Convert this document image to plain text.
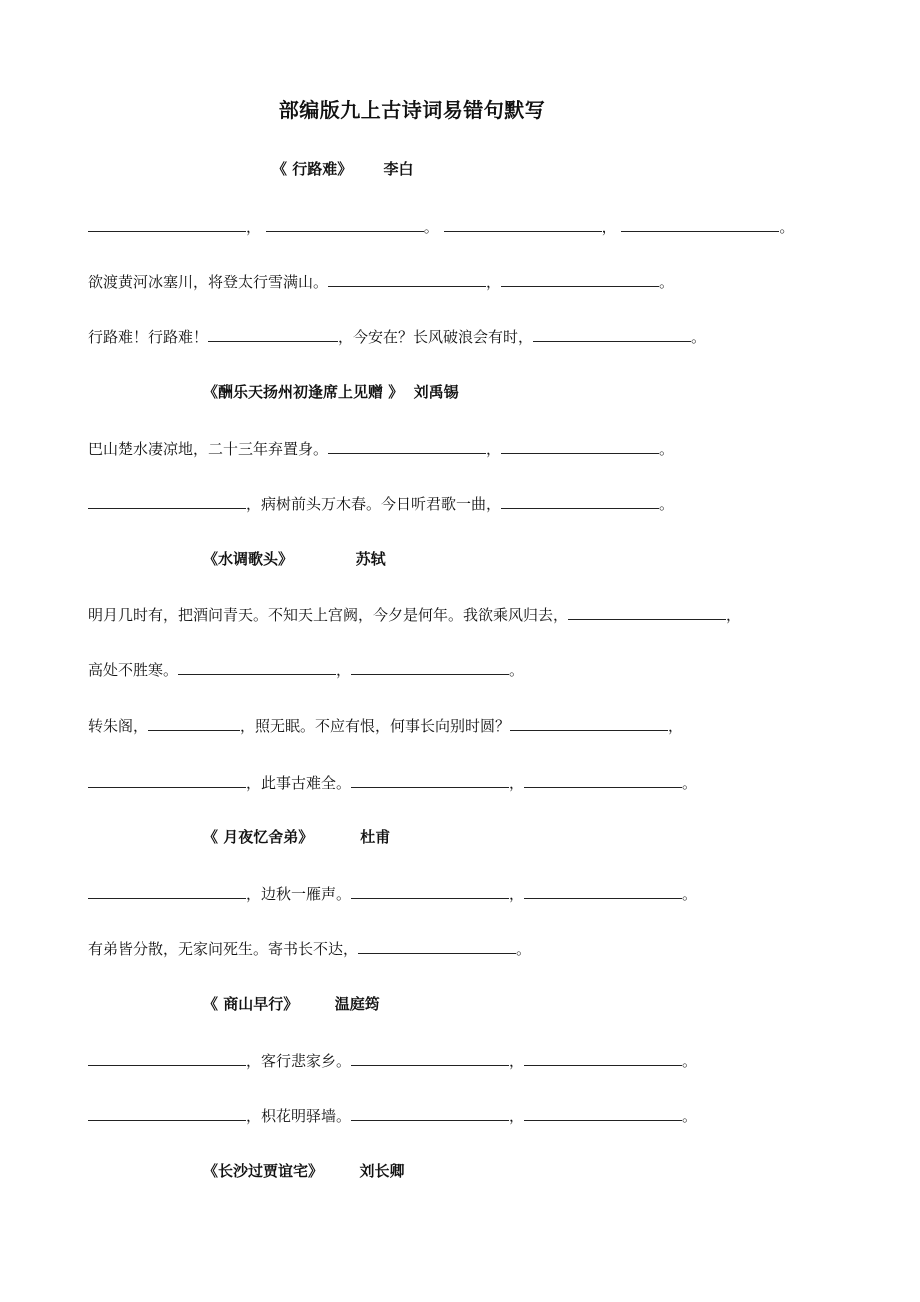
部编版九上古诗词易错句默写
《 行路难》      李白
，	。	，	。
欲渡黄河冰塞川，将登太行雪满山。	，	。
行路难！行路难！	，今安在？长风破浪会有时，	。
《酬乐天扬州初逢席上见赠 》  刘禹锡
巴山楚水凄凉地，二十三年弃置身。	，	。
，病树前头万木春。今日听君歌一曲，	。
《水调歌头》            苏轼
明月几时有，把酒问青天。不知天上宫阙，今夕是何年。我欲乘风归去，	，
高处不胜寒。	，	。
转朱阁，	，照无眠。不应有恨，何事长向别时圆？	，
，此事古难全。	，	。
《 月夜忆舍弟》         杜甫
，边秋一雁声。	，	。
有弟皆分散，无家问死生。寄书长不达，	。
《 商山早行》       温庭筠
，客行悲家乡。	，	。
，枳花明驿墙。	，	。
《长沙过贾谊宅》       刘长卿
